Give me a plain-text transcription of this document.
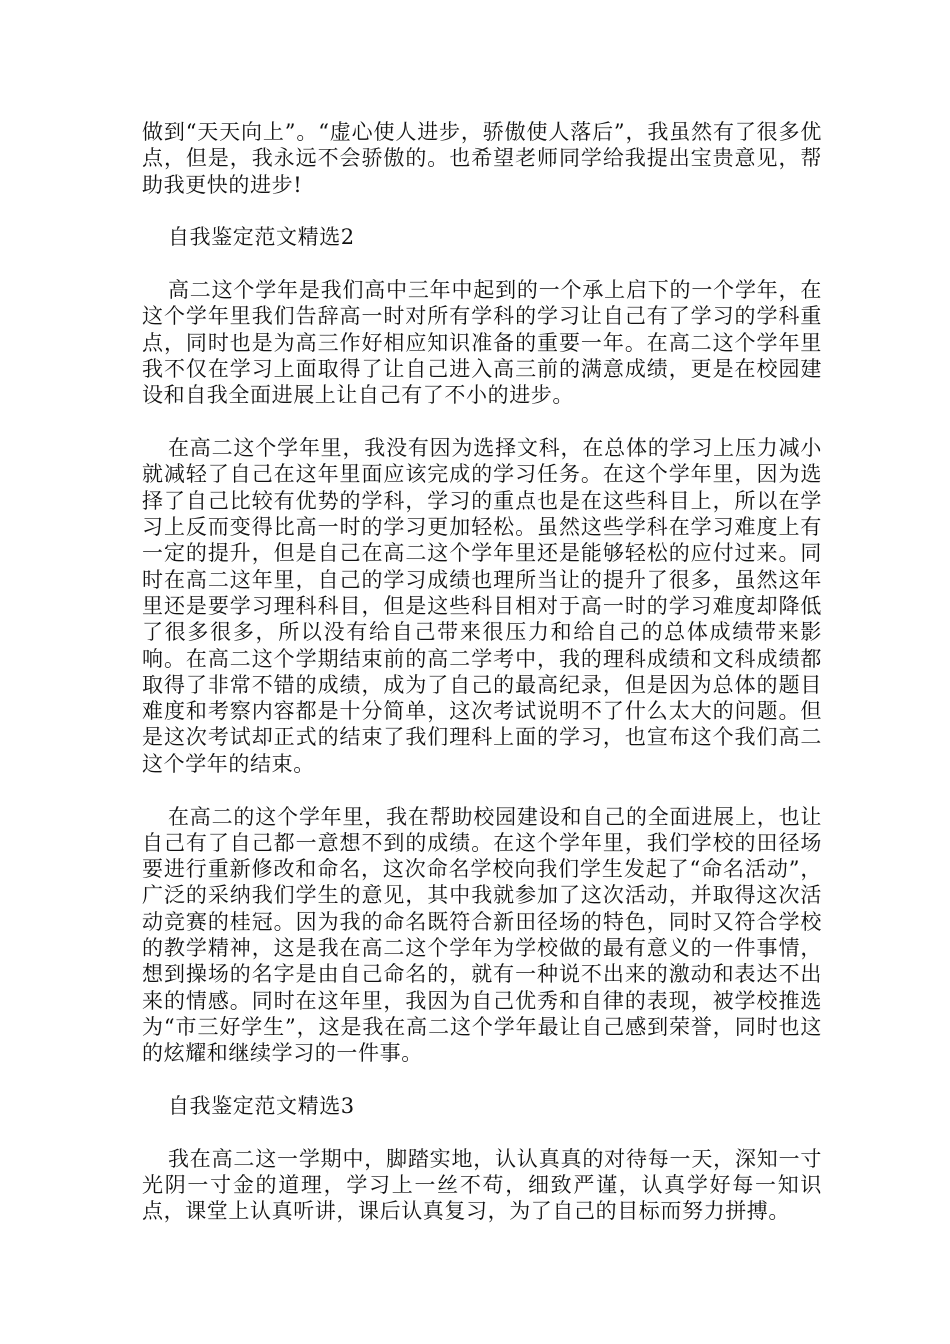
做到“天天向上”。“虚心使人进步，骄傲使人落后”，我虽然有了很多优点，但是，我永远不会骄傲的。也希望老师同学给我提出宝贵意见，帮助我更快的进步!

自我鉴定范文精选2

高二这个学年是我们高中三年中起到的一个承上启下的一个学年，在这个学年里我们告辞高一时对所有学科的学习让自己有了学习的学科重点，同时也是为高三作好相应知识准备的重要一年。在高二这个学年里我不仅在学习上面取得了让自己进入高三前的满意成绩，更是在校园建设和自我全面进展上让自己有了不小的进步。

在高二这个学年里，我没有因为选择文科，在总体的学习上压力减小就减轻了自己在这年里面应该完成的学习任务。在这个学年里，因为选择了自己比较有优势的学科，学习的重点也是在这些科目上，所以在学习上反而变得比高一时的学习更加轻松。虽然这些学科在学习难度上有一定的提升，但是自己在高二这个学年里还是能够轻松的应付过来。同时在高二这年里，自己的学习成绩也理所当让的提升了很多，虽然这年里还是要学习理科科目，但是这些科目相对于高一时的学习难度却降低了很多很多，所以没有给自己带来很压力和给自己的总体成绩带来影响。在高二这个学期结束前的高二学考中，我的理科成绩和文科成绩都取得了非常不错的成绩，成为了自己的最高纪录，但是因为总体的题目难度和考察内容都是十分简单，这次考试说明不了什么太大的问题。但是这次考试却正式的结束了我们理科上面的学习，也宣布这个我们高二这个学年的结束。

在高二的这个学年里，我在帮助校园建设和自己的全面进展上，也让自己有了自己都一意想不到的成绩。在这个学年里，我们学校的田径场要进行重新修改和命名，这次命名学校向我们学生发起了“命名活动”，广泛的采纳我们学生的意见，其中我就参加了这次活动，并取得这次活动竞赛的桂冠。因为我的命名既符合新田径场的特色，同时又符合学校的教学精神，这是我在高二这个学年为学校做的最有意义的一件事情，想到操场的名字是由自己命名的，就有一种说不出来的激动和表达不出来的情感。同时在这年里，我因为自己优秀和自律的表现，被学校推选为“市三好学生”，这是我在高二这个学年最让自己感到荣誉，同时也这的炫耀和继续学习的一件事。

自我鉴定范文精选3

我在高二这一学期中，脚踏实地，认认真真的对待每一天，深知一寸光阴一寸金的道理，学习上一丝不苟，细致严谨，认真学好每一知识点，课堂上认真听讲，课后认真复习，为了自己的目标而努力拼搏。
